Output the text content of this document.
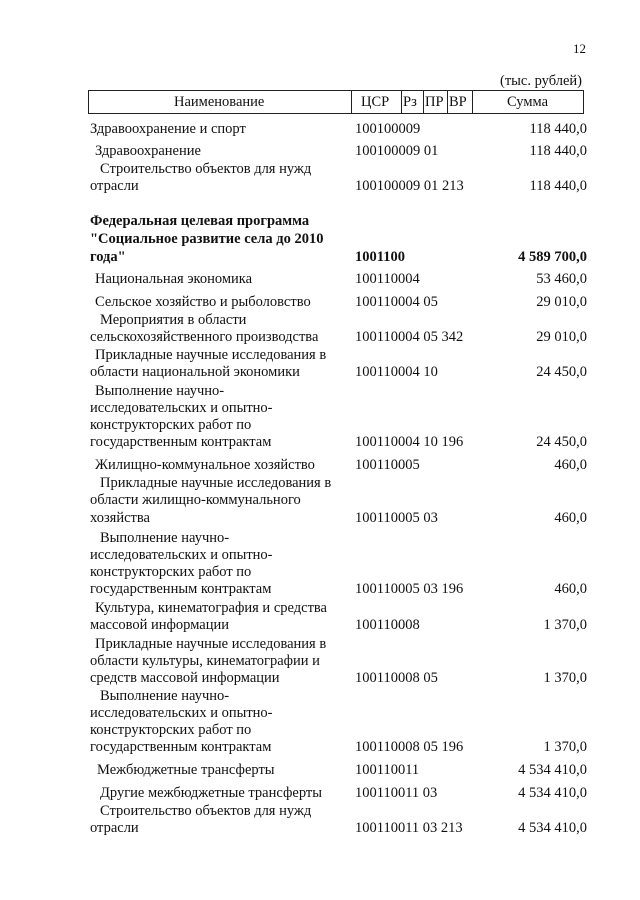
12
(тыс. рублей)
Наименование	ЦСР Рз ПР ВР	Сумма
Здравоохранение и спорт	100100009	118 440,0
Здравоохранение	100100009 01	118 440,0
Строительство объектов для нужд
отрасли	100100009 01 213	118 440,0
Федеральная целевая программа
"Социальное развитие села до 2010
года"	1001100	4 589 700,0
Национальная экономика	100110004	53 460,0
Сельское хозяйство и рыболовство	100110004 05	29 010,0
Мероприятия в области
сельскохозяйственного производства	100110004 05 342	29 010,0
Прикладные научные исследования в
области национальной экономики	100110004 10	24 450,0
Выполнение научно-
исследовательских и опытно-
конструкторских работ по
государственным контрактам	100110004 10 196	24 450,0
Жилищно-коммунальное хозяйство	100110005	460,0
Прикладные научные исследования в
области жилищно-коммунального
хозяйства	100110005 03	460,0
Выполнение научно-
исследовательских и опытно-
конструкторских работ по
государственным контрактам	100110005 03 196	460,0
Культура, кинематография и средства
массовой информации	100110008	1 370,0
Прикладные научные исследования в
области культуры, кинематографии и
средств массовой информации	100110008 05	1 370,0
Выполнение научно-
исследовательских и опытно-
конструкторских работ по
государственным контрактам	100110008 05 196	1 370,0
Межбюджетные трансферты	100110011	4 534 410,0
Другие межбюджетные трансферты 100110011 03	4 534 410,0
Строительство объектов для нужд
отрасли	100110011 03 213	4 534 410,0
